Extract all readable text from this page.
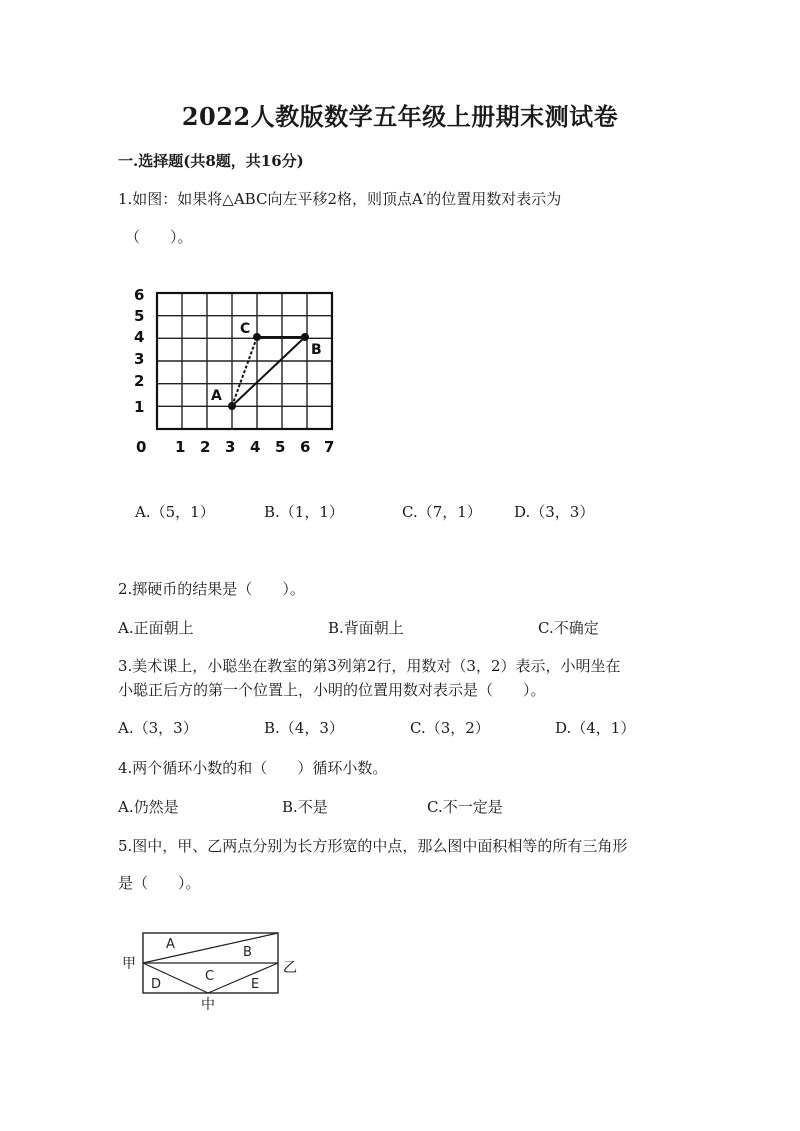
2022人教版数学五年级上册期末测试卷
一.选择题(共8题，共16分)
1.如图：如果将△ABC向左平移2格，则顶点A′的位置用数对表示为
（　　）。
6
5
4
3
2
1
0 1 2 3 4 5 6 7
A
C
B
A.（5，1）	B.（1，1）	C.（7，1） D.（3，3）
2.掷硬币的结果是（　　）。
A.正面朝上	B.背面朝上	C.不确定
3.美术课上，小聪坐在教室的第3列第2行，用数对（3，2）表示，小明坐在
小聪正后方的第一个位置上，小明的位置用数对表示是（　　）。
A.（3，3）	B.（4，3）	C.（3，2）	D.（4，1）
4.两个循环小数的和（　　）循环小数。
A.仍然是	B.不是	C.不一定是
5.图中，甲、乙两点分别为长方形宽的中点，那么图中面积相等的所有三角形
是（　　）。
A
B
C
D	E
甲	乙
中
